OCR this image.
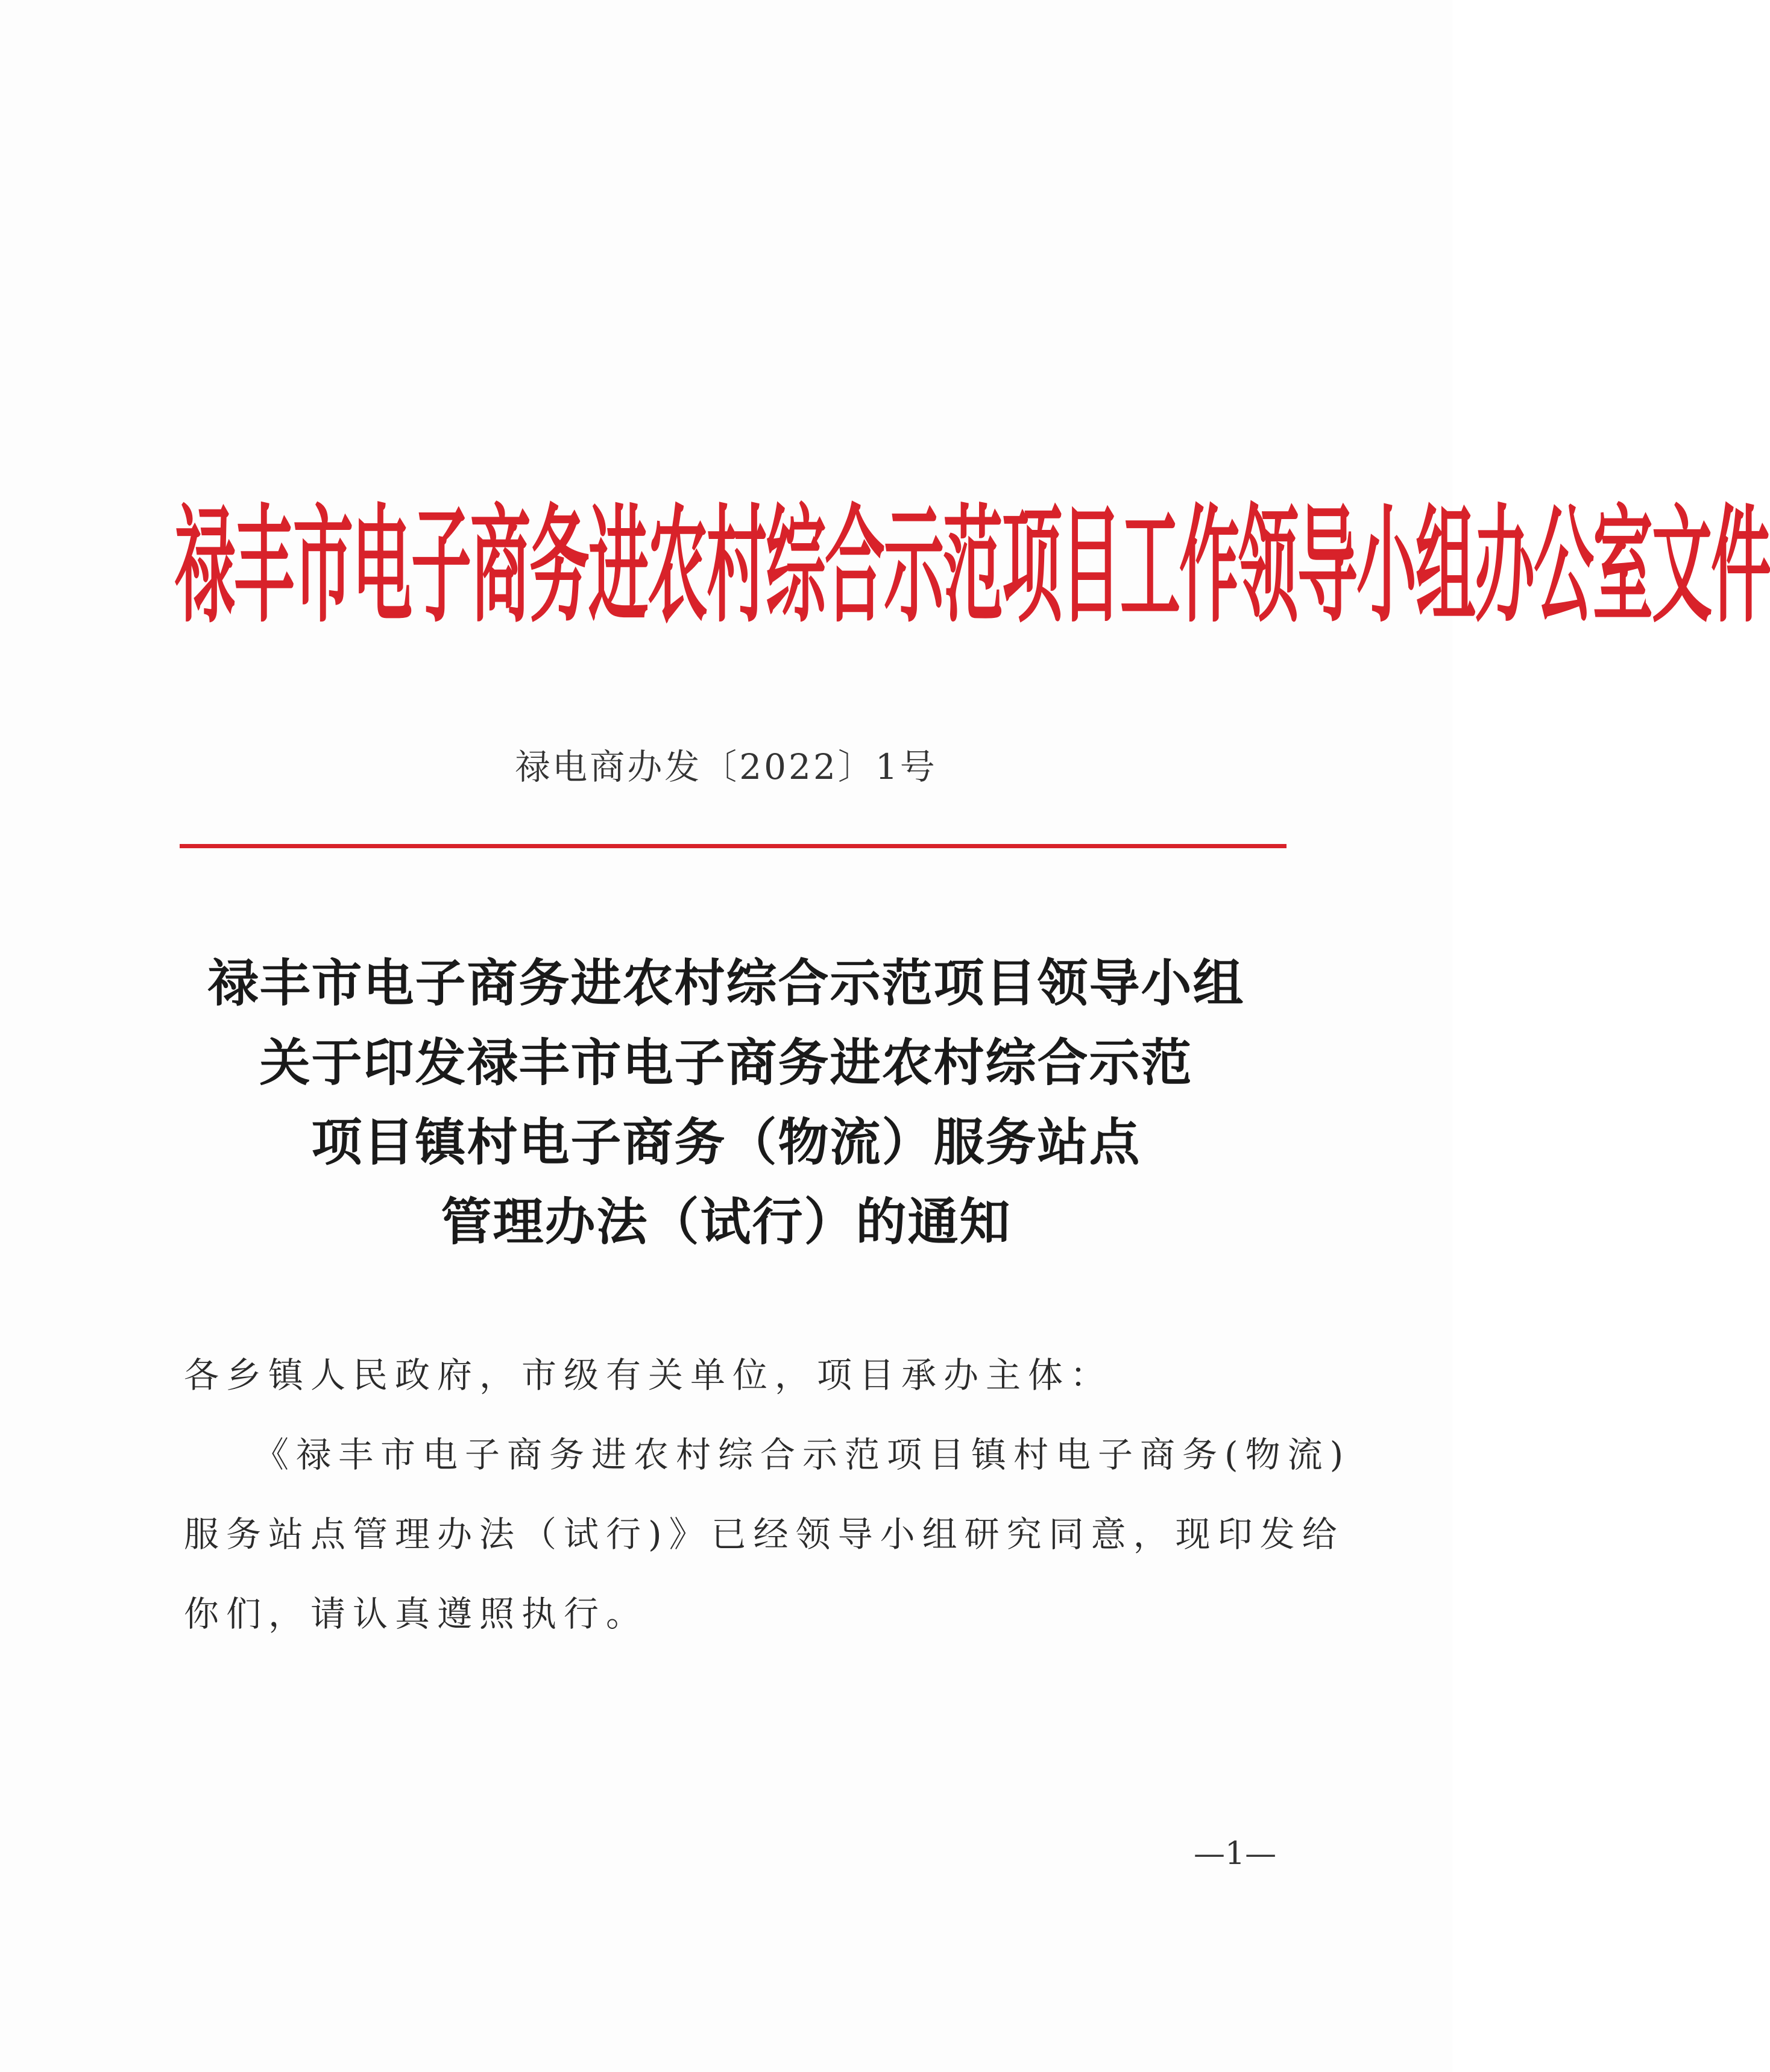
禄丰市电子商务进农村综合示范项目工作领导小组办公室文件
禄电商办发〔2022〕1号
禄丰市电子商务进农村综合示范项目领导小组
关于印发禄丰市电子商务进农村综合示范
项目镇村电子商务（物流）服务站点
管理办法（试行）的通知

各乡镇人民政府，市级有关单位，项目承办主体：

《禄丰市电子商务进农村综合示范项目镇村电子商务(物流)

服务站点管理办法（试行)》已经领导小组研究同意，现印发给

你们，请认真遵照执行。

—1—
